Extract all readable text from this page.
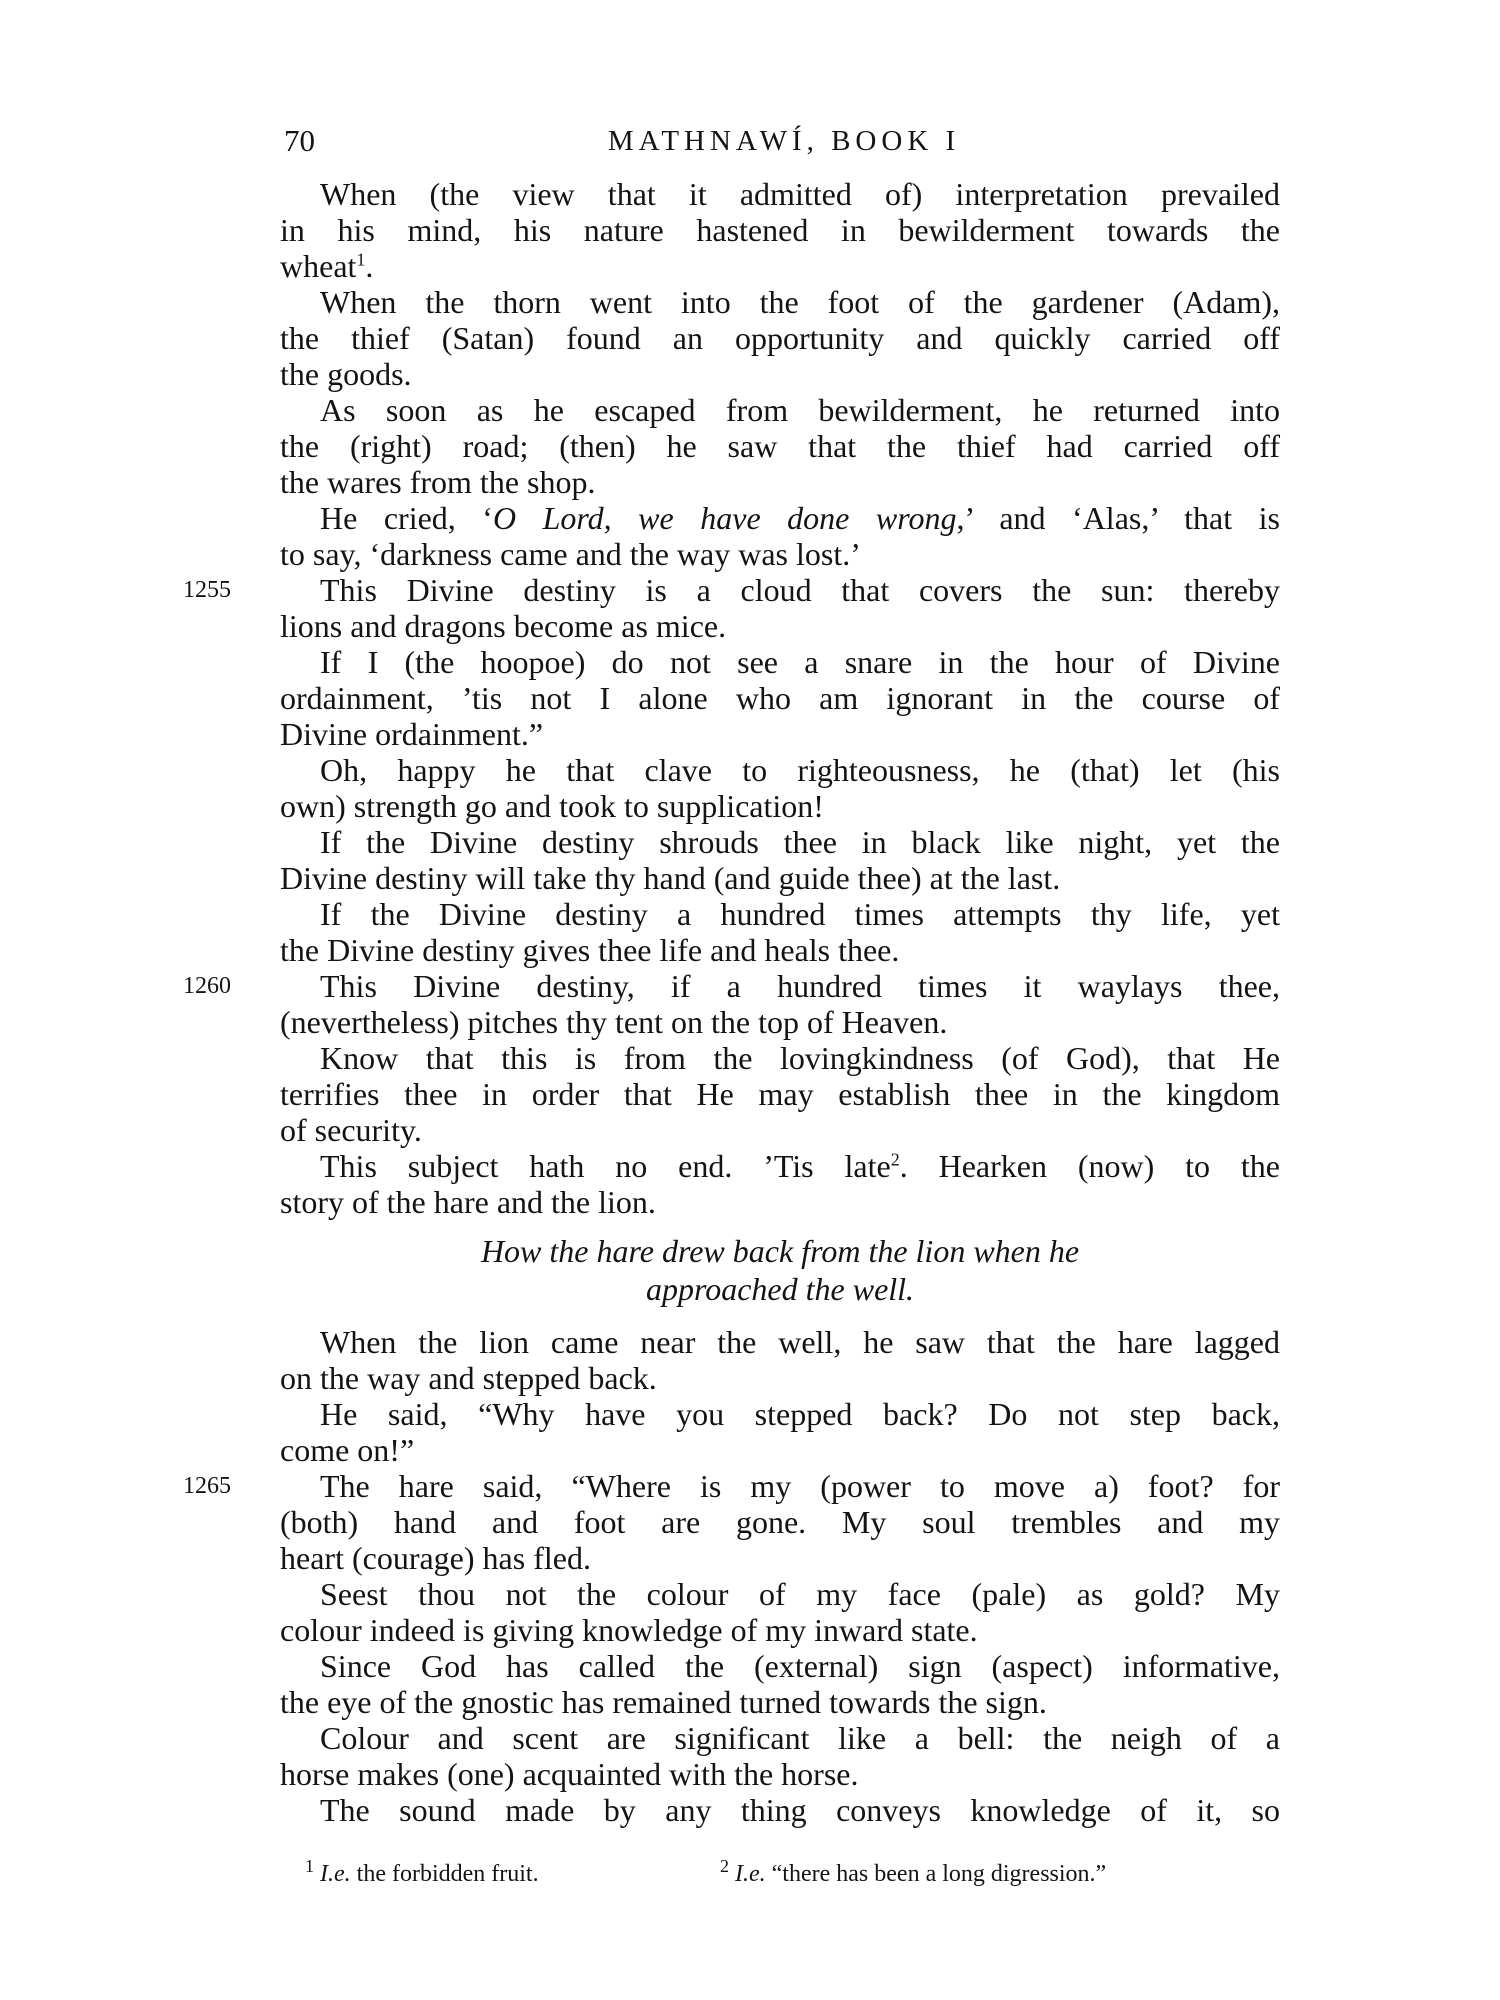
70	MATHNAWÍ, BOOK I
When (the view that it admitted of) interpretation prevailed
in his mind, his nature hastened in bewilderment towards the
wheat$^1$.
When the thorn went into the foot of the gardener (Adam),
the thief (Satan) found an opportunity and quickly carried off
the goods.
As soon as he escaped from bewilderment, he returned into
the (right) road; (then) he saw that the thief had carried off
the wares from the shop.
He cried, ‘O Lord, we have done wrong,’ and ‘Alas,’ that is
to say, ‘darkness came and the way was lost.’
1255	This Divine destiny is a cloud that covers the sun: thereby
lions and dragons become as mice.
If I (the hoopoe) do not see a snare in the hour of Divine
ordainment, ’tis not I alone who am ignorant in the course of
Divine ordainment.”
Oh, happy he that clave to righteousness, he (that) let (his
own) strength go and took to supplication!
If the Divine destiny shrouds thee in black like night, yet the
Divine destiny will take thy hand (and guide thee) at the last.
If the Divine destiny a hundred times attempts thy life, yet
the Divine destiny gives thee life and heals thee.
1260	This Divine destiny, if a hundred times it waylays thee,
(nevertheless) pitches thy tent on the top of Heaven.
Know that this is from the lovingkindness (of God), that He
terrifies thee in order that He may establish thee in the kingdom
of security.
This subject hath no end. ’Tis late$^2$. Hearken (now) to the
story of the hare and the lion.
How the hare drew back from the lion when he
approached the well.
When the lion came near the well, he saw that the hare lagged
on the way and stepped back.
He said, “Why have you stepped back? Do not step back,
come on!”
1265	The hare said, “Where is my (power to move a) foot? for
(both) hand and foot are gone. My soul trembles and my
heart (courage) has fled.
Seest thou not the colour of my face (pale) as gold? My
colour indeed is giving knowledge of my inward state.
Since God has called the (external) sign (aspect) informative,
the eye of the gnostic has remained turned towards the sign.
Colour and scent are significant like a bell: the neigh of a
horse makes (one) acquainted with the horse.
The sound made by any thing conveys knowledge of it, so
$^1$ I.e. the forbidden fruit.	$^2$ I.e. “there has been a long digression.”
